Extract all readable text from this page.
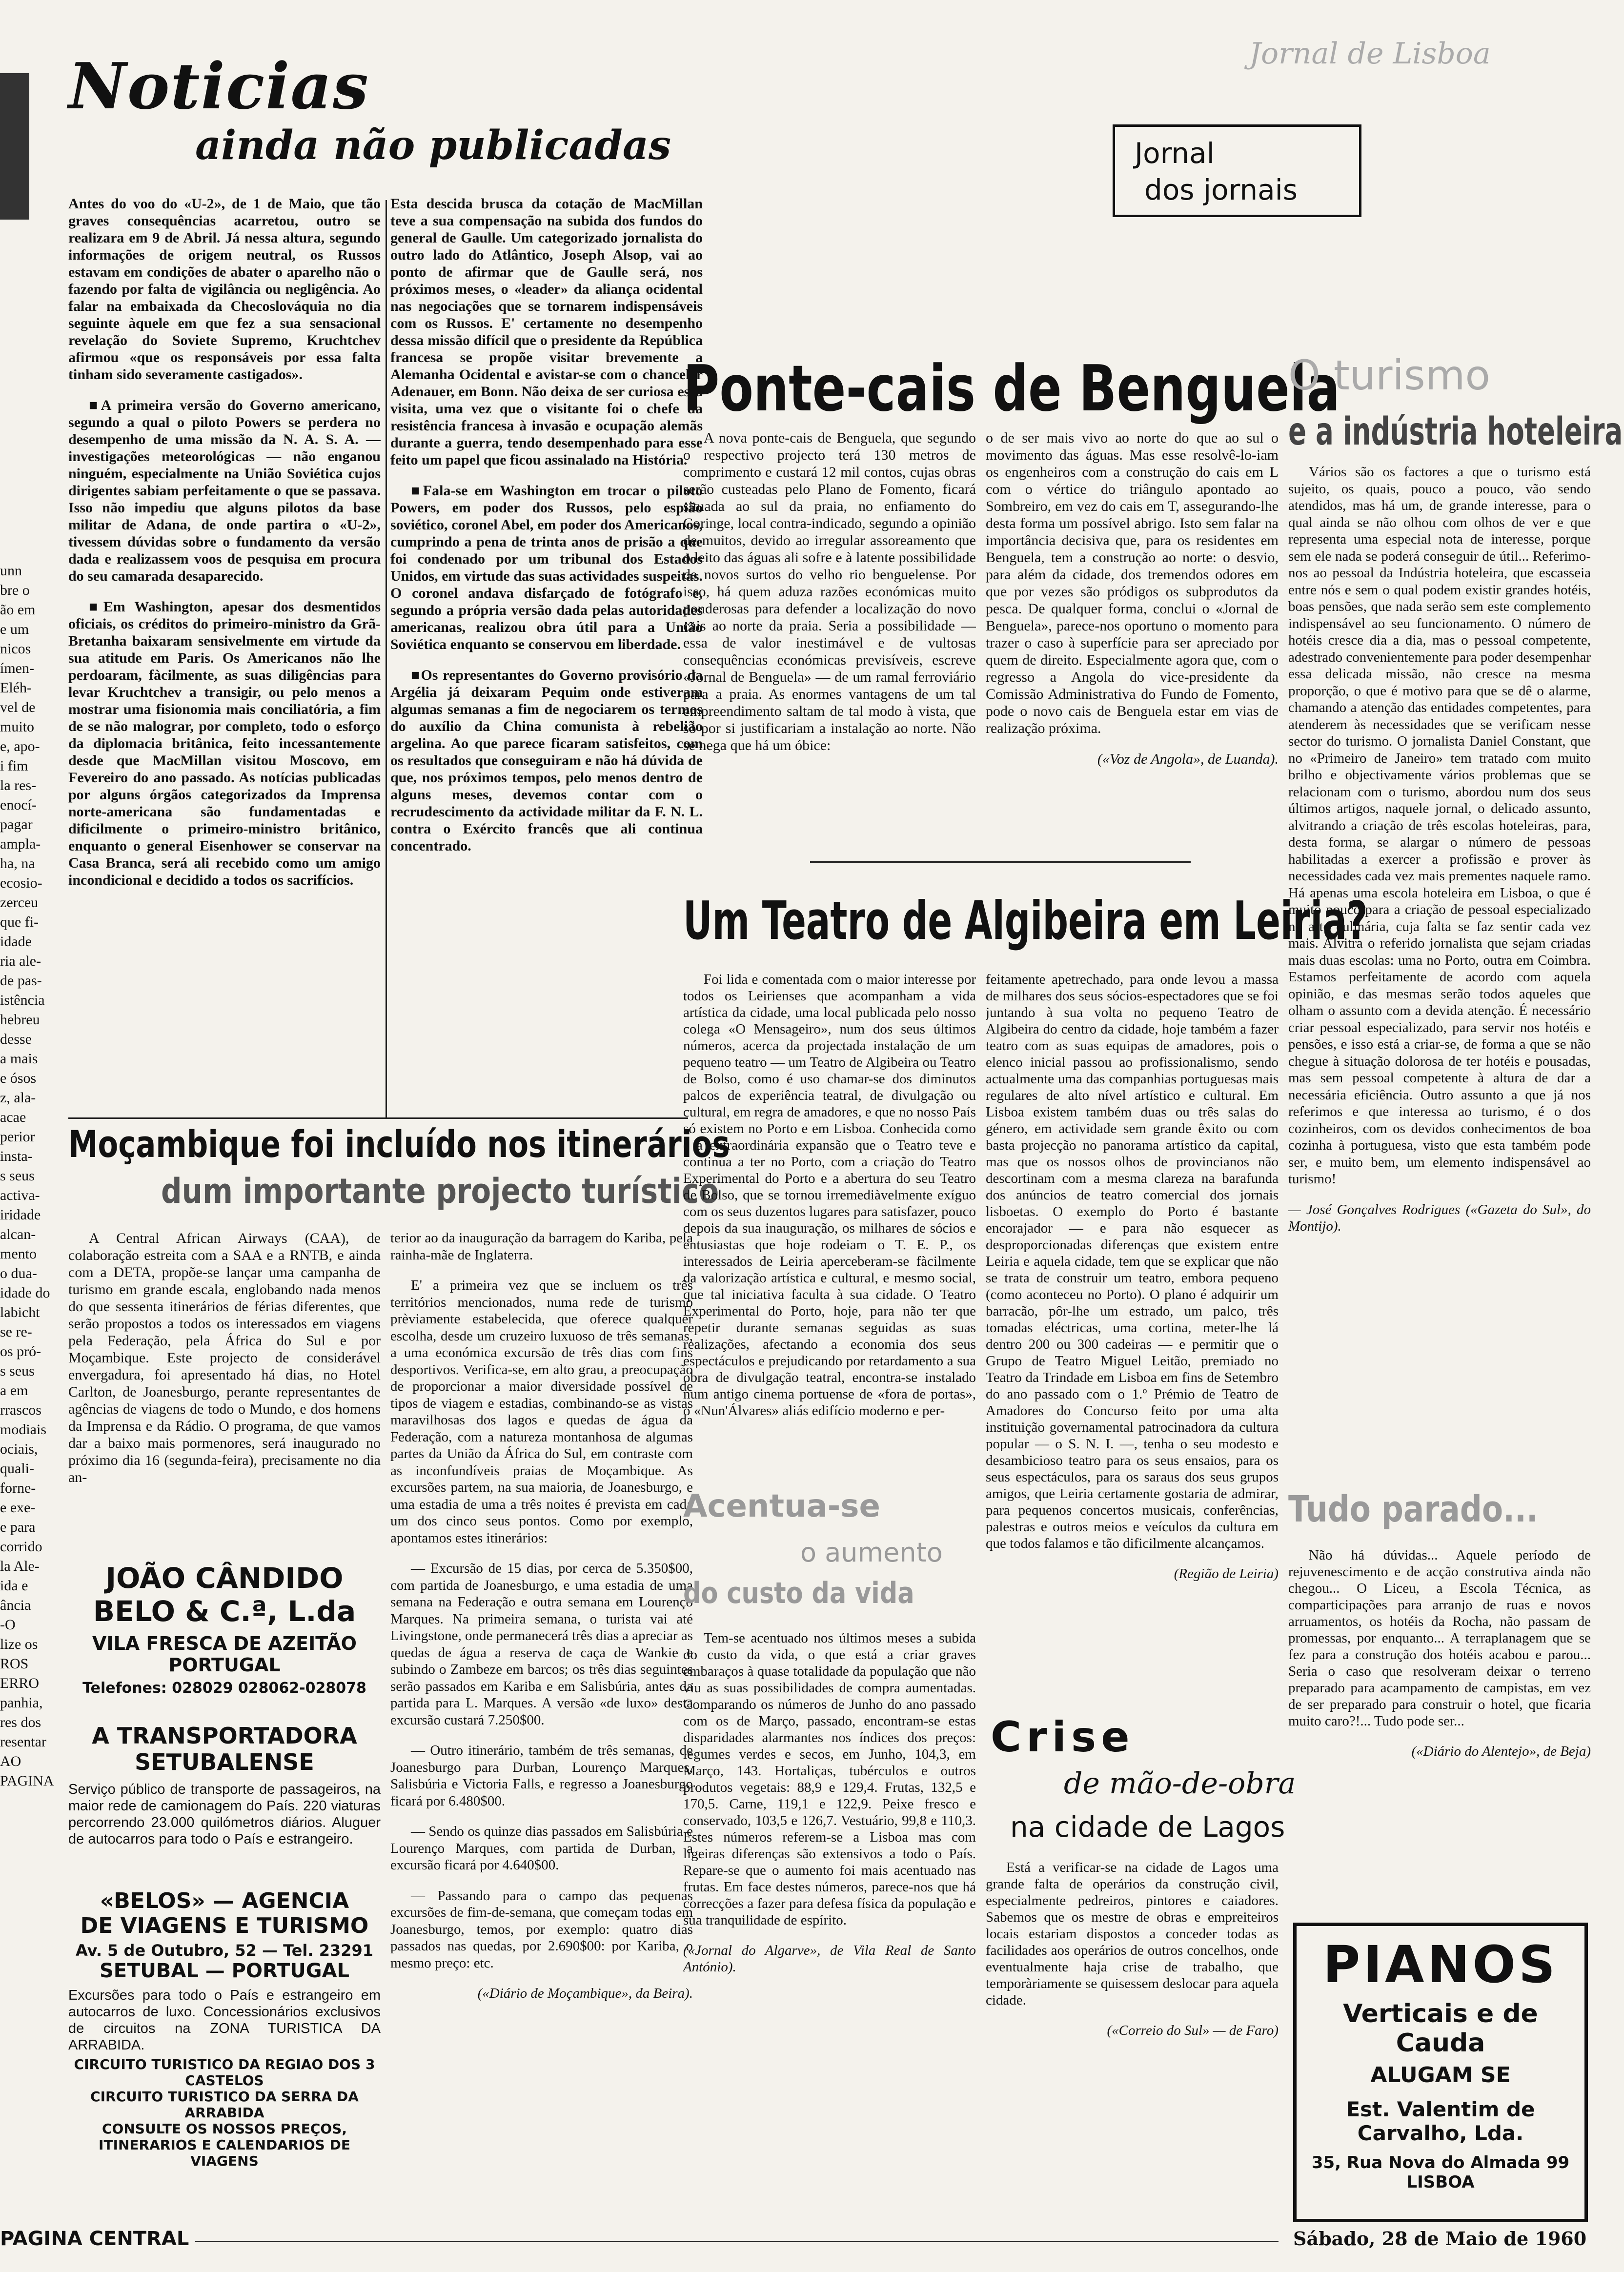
unn
bre o
ão em
e um
nicos
ímen-
Eléh-
vel de
muito
e, apo-
i fim
la res-
enocí-
pagar
ampla-
ha, na
ecosio-
zerceu
que fi-
idade
ria ale-
de pas-
istência
hebreu
desse
a mais
e ósos
z, ala-
acae
perior
insta-
s seus
activa-
iridade
alcan-
mento
o dua-
idade do
labicht
se re-
os pró-
s seus
a em
rrascos
modiais
ociais,
quali-
forne-
e exe-
e para
corrido
la Ale-
ida e
ância
-O
lize os
ROS
ERRO
panhia,
res dos
resentar
AO
PAGINA
PAGINA CENTRAL
Noticias
ainda não publicadas
Jornal de Lisboa
Jornal
dos jornais

Antes do voo do «U-2», de 1 de Maio, que tão graves consequências acarretou, outro se realizara em 9 de Abril. Já nessa altura, segundo informações de origem neutral, os Russos estavam em condições de abater o aparelho não o fazendo por falta de vigilância ou negligência. Ao falar na embaixada da Checoslováquia no dia seguinte àquele em que fez a sua sensacional revelação do Soviete Supremo, Kruchtchev afirmou «que os responsáveis por essa falta tinham sido severamente castigados».

■ A primeira versão do Governo americano, segundo a qual o piloto Powers se perdera no desempenho de uma missão da N. A. S. A. — investigações meteorológicas — não enganou ninguém, especialmente na União Soviética cujos dirigentes sabiam perfeitamente o que se passava. Isso não impediu que alguns pilotos da base militar de Adana, de onde partira o «U-2», tivessem dúvidas sobre o fundamento da versão dada e realizassem voos de pesquisa em procura do seu camarada desaparecido.

■ Em Washington, apesar dos desmentidos oficiais, os créditos do primeiro-ministro da Grã-Bretanha baixaram sensivelmente em virtude da sua atitude em Paris. Os Americanos não lhe perdoaram, fàcilmente, as suas diligências para levar Kruchtchev a transigir, ou pelo menos a mostrar uma fisionomia mais conciliatória, a fim de se não malograr, por completo, todo o esforço da diplomacia britânica, feito incessantemente desde que MacMillan visitou Moscovo, em Fevereiro do ano passado. As notícias publicadas por alguns órgãos categorizados da Imprensa norte-americana são fundamentadas e dificilmente o primeiro-ministro britânico, enquanto o general Eisenhower se conservar na Casa Branca, será ali recebido como um amigo incondicional e decidido a todos os sacrifícios.

Esta descida brusca da cotação de MacMillan teve a sua compensação na subida dos fundos do general de Gaulle. Um categorizado jornalista do outro lado do Atlântico, Joseph Alsop, vai ao ponto de afirmar que de Gaulle será, nos próximos meses, o «leader» da aliança ocidental nas negociações que se tornarem indispensáveis com os Russos. E' certamente no desempenho dessa missão difícil que o presidente da República francesa se propõe visitar brevemente a Alemanha Ocidental e avistar-se com o chanceler Adenauer, em Bonn. Não deixa de ser curiosa essa visita, uma vez que o visitante foi o chefe da resistência francesa à invasão e ocupação alemãs durante a guerra, tendo desempenhado para esse feito um papel que ficou assinalado na História.

■ Fala-se em Washington em trocar o piloto Powers, em poder dos Russos, pelo espião soviético, coronel Abel, em poder dos Americanos, cumprindo a pena de trinta anos de prisão a que foi condenado por um tribunal dos Estados Unidos, em virtude das suas actividades suspeitas. O coronel andava disfarçado de fotógrafo e, segundo a própria versão dada pelas autoridades americanas, realizou obra útil para a União Soviética enquanto se conservou em liberdade.

■ Os representantes do Governo provisório da Argélia já deixaram Pequim onde estiveram algumas semanas a fim de negociarem os termos do auxílio da China comunista à rebelião argelina. Ao que parece ficaram satisfeitos, com os resultados que conseguiram e não há dúvida de que, nos próximos tempos, pelo menos dentro de alguns meses, devemos contar com o recrudescimento da actividade militar da F. N. L. contra o Exército francês que ali continua concentrado.

Moçambique foi incluído nos itinerários
dum importante projecto turístico

A Central African Airways (CAA), de colaboração estreita com a SAA e a RNTB, e ainda com a DETA, propõe-se lançar uma campanha de turismo em grande escala, englobando nada menos do que sessenta itinerários de férias diferentes, que serão propostos a todos os interessados em viagens pela Federação, pela África do Sul e por Moçambique. Este projecto de considerável envergadura, foi apresentado há dias, no Hotel Carlton, de Joanesburgo, perante representantes de agências de viagens de todo o Mundo, e dos homens da Imprensa e da Rádio. O programa, de que vamos dar a baixo mais pormenores, será inaugurado no próximo dia 16 (segunda-feira), precisamente no dia an-

terior ao da inauguração da barragem do Kariba, pela rainha-mãe de Inglaterra.

E' a primeira vez que se incluem os três territórios mencionados, numa rede de turismo prèviamente estabelecida, que oferece qualquer escolha, desde um cruzeiro luxuoso de três semanas, a uma económica excursão de três dias com fins desportivos. Verifica-se, em alto grau, a preocupação de proporcionar a maior diversidade possível de tipos de viagem e estadias, combinando-se as vistas maravilhosas dos lagos e quedas de água da Federação, com a natureza montanhosa de algumas partes da União da África do Sul, em contraste com as inconfundíveis praias de Moçambique. As excursões partem, na sua maioria, de Joanesburgo, e uma estadia de uma a três noites é prevista em cada um dos cinco seus pontos. Como por exemplo, apontamos estes itinerários:

— Excursão de 15 dias, por cerca de 5.350$00, com partida de Joanesburgo, e uma estadia de uma semana na Federação e outra semana em Lourenço Marques. Na primeira semana, o turista vai até Livingstone, onde permanecerá três dias a apreciar as quedas de água a reserva de caça de Wankie e subindo o Zambeze em barcos; os três dias seguintes serão passados em Kariba e em Salisbúria, antes da partida para L. Marques. A versão «de luxo» desta excursão custará 7.250$00.

— Outro itinerário, também de três semanas, de Joanesburgo para Durban, Lourenço Marques, Salisbúria e Victoria Falls, e regresso a Joanesburgo ficará por 6.480$00.

— Sendo os quinze dias passados em Salisbúria e Lourenço Marques, com partida de Durban, a excursão ficará por 4.640$00.

— Passando para o campo das pequenas excursões de fim-de-semana, que começam todas em Joanesburgo, temos, por exemplo: quatro dias passados nas quedas, por 2.690$00: por Kariba, o mesmo preço: etc.

(«Diário de Moçambique», da Beira).

JOÃO CÂNDIDO
BELO & C.ª, L.da
VILA FRESCA DE AZEITÃO
PORTUGAL
Telefones: 028029 028062-028078
A TRANSPORTADORA
SETUBALENSE
Serviço público de transporte de passageiros, na maior rede de camionagem do País. 220 viaturas percorrendo 23.000 quilómetros diários. Aluguer de autocarros para todo o País e estrangeiro.
«BELOS» — AGENCIA
DE VIAGENS E TURISMO
Av. 5 de Outubro, 52 — Tel. 23291
SETUBAL — PORTUGAL
Excursões para todo o País e estrangeiro em autocarros de luxo. Concessionários exclusivos de circuitos na ZONA TURISTICA DA ARRABIDA.
CIRCUITO TURISTICO DA REGIAO DOS 3 CASTELOS
CIRCUITO TURISTICO DA SERRA DA ARRABIDA
CONSULTE OS NOSSOS PREÇOS, ITINERARIOS E CALENDARIOS DE VIAGENS
Ponte-cais de Benguela

A nova ponte-cais de Benguela, que segundo o respectivo projecto terá 130 metros de comprimento e custará 12 mil contos, cujas obras serão custeadas pelo Plano de Fomento, ficará situada ao sul da praia, no enfiamento do Coringe, local contra-indicado, segundo a opinião de muitos, devido ao irregular assoreamento que o leito das águas ali sofre e à latente possibilidade de novos surtos do velho rio benguelense. Por isso, há quem aduza razões económicas muito ponderosas para defender a localização do novo cais ao norte da praia. Seria a possibilidade — essa de valor inestimável e de vultosas consequências económicas previsíveis, escreve «Jornal de Benguela» — de um ramal ferroviário para a praia. As enormes vantagens de um tal empreendimento saltam de tal modo à vista, que só por si justificariam a instalação ao norte. Não se nega que há um óbice:

o de ser mais vivo ao norte do que ao sul o movimento das águas. Mas esse resolvê-lo-iam os engenheiros com a construção do cais em L com o vértice do triângulo apontado ao Sombreiro, em vez do cais em T, assegurando-lhe desta forma um possível abrigo. Isto sem falar na importância decisiva que, para os residentes em Benguela, tem a construção ao norte: o desvio, para além da cidade, dos tremendos odores em que por vezes são pródigos os subprodutos da pesca. De qualquer forma, conclui o «Jornal de Benguela», parece-nos oportuno o momento para trazer o caso à superfície para ser apreciado por quem de direito. Especialmente agora que, com o regresso a Angola do vice-presidente da Comissão Administrativa do Fundo de Fomento, pode o novo cais de Benguela estar em vias de realização próxima.

(«Voz de Angola», de Luanda).

Um Teatro de Algibeira em Leiria?

Foi lida e comentada com o maior interesse por todos os Leirienses que acompanham a vida artística da cidade, uma local publicada pelo nosso colega «O Mensageiro», num dos seus últimos números, acerca da projectada instalação de um pequeno teatro — um Teatro de Algibeira ou Teatro de Bolso, como é uso chamar-se dos diminutos palcos de experiência teatral, de divulgação ou cultural, em regra de amadores, e que no nosso País só existem no Porto e em Lisboa. Conhecida como é a extraordinária expansão que o Teatro teve e continua a ter no Porto, com a criação do Teatro Experimental do Porto e a abertura do seu Teatro de Bolso, que se tornou irremediàvelmente exíguo com os seus duzentos lugares para satisfazer, pouco depois da sua inauguração, os milhares de sócios e entusiastas que hoje rodeiam o T. E. P., os interessados de Leiria aperceberam-se fàcilmente da valorização artística e cultural, e mesmo social, que tal iniciativa faculta à sua cidade. O Teatro Experimental do Porto, hoje, para não ter que repetir durante semanas seguidas as suas realizações, afectando a economia dos seus espectáculos e prejudicando por retardamento a sua obra de divulgação teatral, encontra-se instalado num antigo cinema portuense de «fora de portas», o «Nun'Álvares» aliás edifício moderno e per-

feitamente apetrechado, para onde levou a massa de milhares dos seus sócios-espectadores que se foi juntando à sua volta no pequeno Teatro de Algibeira do centro da cidade, hoje também a fazer teatro com as suas equipas de amadores, pois o elenco inicial passou ao profissionalismo, sendo actualmente uma das companhias portuguesas mais regulares de alto nível artístico e cultural. Em Lisboa existem também duas ou três salas do género, em actividade sem grande êxito ou com basta projecção no panorama artístico da capital, mas que os nossos olhos de provincianos não descortinam com a mesma clareza na barafunda dos anúncios de teatro comercial dos jornais lisboetas. O exemplo do Porto é bastante encorajador — e para não esquecer as desproporcionadas diferenças que existem entre Leiria e aquela cidade, tem que se explicar que não se trata de construir um teatro, embora pequeno (como aconteceu no Porto). O plano é adquirir um barracão, pôr-lhe um estrado, um palco, três tomadas eléctricas, uma cortina, meter-lhe lá dentro 200 ou 300 cadeiras — e permitir que o Grupo de Teatro Miguel Leitão, premiado no Teatro da Trindade em Lisboa em fins de Setembro do ano passado com o 1.º Prémio de Teatro de Amadores do Concurso feito por uma alta instituição governamental patrocinadora da cultura popular — o S. N. I. —, tenha o seu modesto e desambicioso teatro para os seus ensaios, para os seus espectáculos, para os saraus dos seus grupos amigos, que Leiria certamente gostaria de admirar, para pequenos concertos musicais, conferências, palestras e outros meios e veículos da cultura em que todos falamos e tão dificilmente alcançamos.

(Região de Leiria)

Acentua-se
o aumento
do custo da vida

Tem-se acentuado nos últimos meses a subida do custo da vida, o que está a criar graves embaraços à quase totalidade da população que não viu as suas possibilidades de compra aumentadas. Comparando os números de Junho do ano passado com os de Março, passado, encontram-se estas disparidades alarmantes nos índices dos preços: legumes verdes e secos, em Junho, 104,3, em Março, 143. Hortaliças, tubérculos e outros produtos vegetais: 88,9 e 129,4. Frutas, 132,5 e 170,5. Carne, 119,1 e 122,9. Peixe fresco e conservado, 103,5 e 126,7. Vestuário, 99,8 e 110,3. Estes números referem-se a Lisboa mas com ligeiras diferenças são extensivos a todo o País. Repare-se que o aumento foi mais acentuado nas frutas. Em face destes números, parece-nos que há correcções a fazer para defesa física da população e sua tranquilidade de espírito.

(«Jornal do Algarve», de Vila Real de Santo António).

Crise
de mão-de-obra
na cidade de Lagos

Está a verificar-se na cidade de Lagos uma grande falta de operários da construção civil, especialmente pedreiros, pintores e caiadores. Sabemos que os mestre de obras e empreiteiros locais estariam dispostos a conceder todas as facilidades aos operários de outros concelhos, onde eventualmente haja crise de trabalho, que temporàriamente se quisessem deslocar para aquela cidade.

(«Correio do Sul» — de Faro)

O turismo
e a indústria hoteleira

Vários são os factores a que o turismo está sujeito, os quais, pouco a pouco, vão sendo atendidos, mas há um, de grande interesse, para o qual ainda se não olhou com olhos de ver e que representa uma especial nota de interesse, porque sem ele nada se poderá conseguir de útil... Referimo-nos ao pessoal da Indústria hoteleira, que escasseia entre nós e sem o qual podem existir grandes hotéis, boas pensões, que nada serão sem este complemento indispensável ao seu funcionamento. O número de hotéis cresce dia a dia, mas o pessoal competente, adestrado convenientemente para poder desempenhar essa delicada missão, não cresce na mesma proporção, o que é motivo para que se dê o alarme, chamando a atenção das entidades competentes, para atenderem às necessidades que se verificam nesse sector do turismo. O jornalista Daniel Constant, que no «Primeiro de Janeiro» tem tratado com muito brilho e objectivamente vários problemas que se relacionam com o turismo, abordou num dos seus últimos artigos, naquele jornal, o delicado assunto, alvitrando a criação de três escolas hoteleiras, para, desta forma, se alargar o número de pessoas habilitadas a exercer a profissão e prover às necessidades cada vez mais prementes naquele ramo. Há apenas uma escola hoteleira em Lisboa, o que é muito pouco para a criação de pessoal especializado na arte culinária, cuja falta se faz sentir cada vez mais. Alvitra o referido jornalista que sejam criadas mais duas escolas: uma no Porto, outra em Coimbra. Estamos perfeitamente de acordo com aquela opinião, e das mesmas serão todos aqueles que olham o assunto com a devida atenção. É necessário criar pessoal especializado, para servir nos hotéis e pensões, e isso está a criar-se, de forma a que se não chegue à situação dolorosa de ter hotéis e pousadas, mas sem pessoal competente à altura de dar a necessária eficiência. Outro assunto a que já nos referimos e que interessa ao turismo, é o dos cozinheiros, com os devidos conhecimentos de boa cozinha à portuguesa, visto que esta também pode ser, e muito bem, um elemento indispensável ao turismo!

— José Gonçalves Rodrigues («Gazeta do Sul», do Montijo).

Tudo parado...

Não há dúvidas... Aquele período de rejuvenescimento e de acção construtiva ainda não chegou... O Liceu, a Escola Técnica, as comparticipações para arranjo de ruas e novos arruamentos, os hotéis da Rocha, não passam de promessas, por enquanto... A terraplanagem que se fez para a construção dos hotéis acabou e parou... Seria o caso que resolveram deixar o terreno preparado para acampamento de campistas, em vez de ser preparado para construir o hotel, que ficaria muito caro?!... Tudo pode ser...

(«Diário do Alentejo», de Beja)

PIANOS
Verticais e de Cauda
ALUGAM SE
Est. Valentim de Carvalho, Lda.
35, Rua Nova do Almada 99
LISBOA
Sábado, 28 de Maio de 1960
